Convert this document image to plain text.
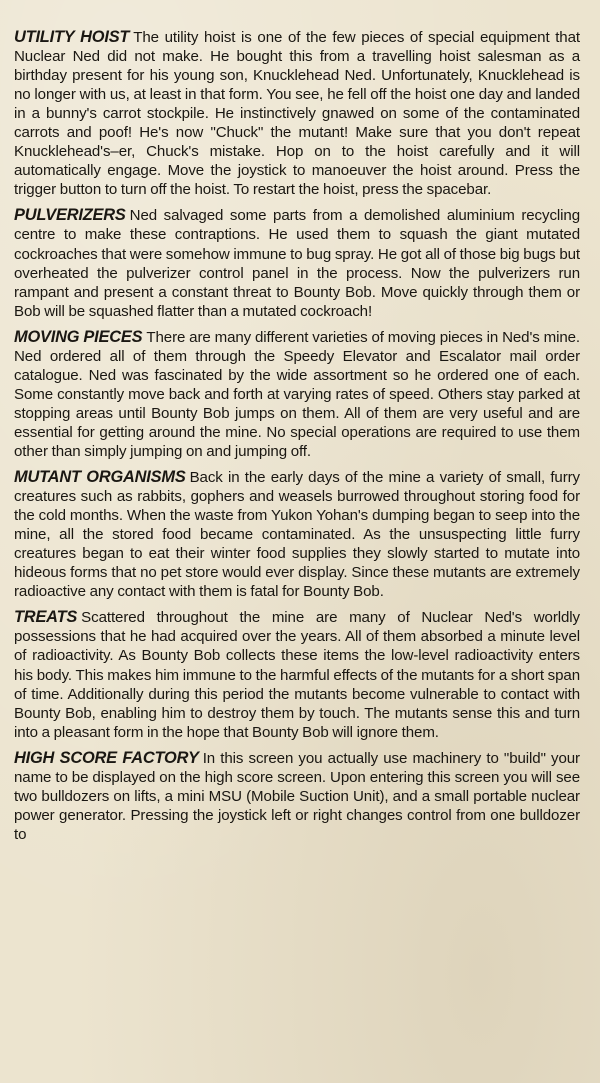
UTILITY HOIST The utility hoist is one of the few pieces of special equipment that Nuclear Ned did not make. He bought this from a travelling hoist salesman as a birthday present for his young son, Knucklehead Ned. Unfortunately, Knucklehead is no longer with us, at least in that form. You see, he fell off the hoist one day and landed in a bunny's carrot stockpile. He instinctively gnawed on some of the contaminated carrots and poof! He's now "Chuck" the mutant! Make sure that you don't repeat Knucklehead's–er, Chuck's mistake. Hop on to the hoist carefully and it will automatically engage. Move the joystick to manoeuver the hoist around. Press the trigger button to turn off the hoist. To restart the hoist, press the spacebar.

PULVERIZERS Ned salvaged some parts from a demolished aluminium recycling centre to make these contraptions. He used them to squash the giant mutated cockroaches that were somehow immune to bug spray. He got all of those big bugs but overheated the pulverizer control panel in the process. Now the pulverizers run rampant and present a constant threat to Bounty Bob. Move quickly through them or Bob will be squashed flatter than a mutated cockroach!

MOVING PIECES There are many different varieties of moving pieces in Ned's mine. Ned ordered all of them through the Speedy Elevator and Escalator mail order catalogue. Ned was fascinated by the wide assortment so he ordered one of each. Some constantly move back and forth at varying rates of speed. Others stay parked at stopping areas until Bounty Bob jumps on them. All of them are very useful and are essential for getting around the mine. No special operations are required to use them other than simply jumping on and jumping off.

MUTANT ORGANISMS Back in the early days of the mine a variety of small, furry creatures such as rabbits, gophers and weasels burrowed throughout storing food for the cold months. When the waste from Yukon Yohan's dumping began to seep into the mine, all the stored food became contaminated. As the unsuspecting little furry creatures began to eat their winter food supplies they slowly started to mutate into hideous forms that no pet store would ever display. Since these mutants are extremely radioactive any contact with them is fatal for Bounty Bob.

TREATS Scattered throughout the mine are many of Nuclear Ned's worldly possessions that he had acquired over the years. All of them absorbed a minute level of radioactivity. As Bounty Bob collects these items the low-level radioactivity enters his body. This makes him immune to the harmful effects of the mutants for a short span of time. Additionally during this period the mutants become vulnerable to contact with Bounty Bob, enabling him to destroy them by touch. The mutants sense this and turn into a pleasant form in the hope that Bounty Bob will ignore them.

HIGH SCORE FACTORY In this screen you actually use machinery to "build" your name to be displayed on the high score screen. Upon entering this screen you will see two bulldozers on lifts, a mini MSU (Mobile Suction Unit), and a small portable nuclear power generator. Pressing the joystick left or right changes control from one bulldozer to
